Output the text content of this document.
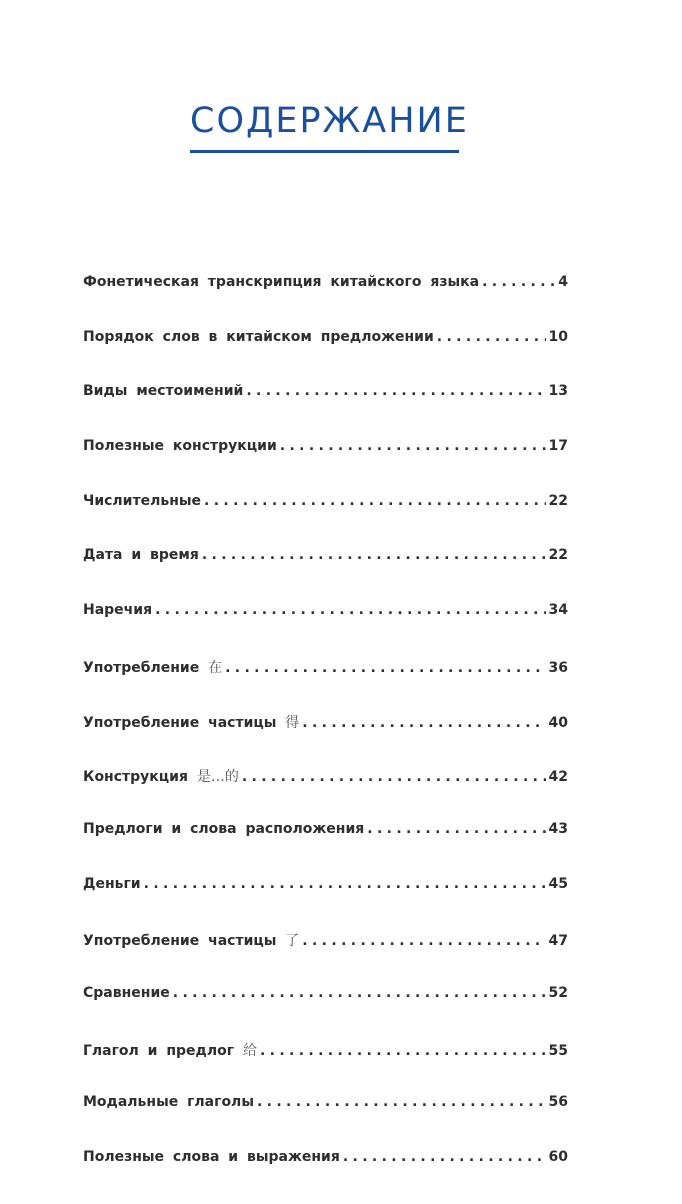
СОДЕРЖАНИЕ
Фонетическая транскрипция китайского языка . . .	4
Порядок слов в китайском предложении . . .	10
Виды местоимений . . .	13
Полезные конструкции . . .	17
Числительные . . .	22
Дата и время . . .	22
Наречия . . .	34
Употребление 在 . . .	36
Употребление частицы 得 . . .	40
Конструкция 是…的 . . .	42
Предлоги и слова расположения . . .	43
Деньги . . .	45
Употребление частицы 了 . . .	47
Сравнение . . .	52
Глагол и предлог 给 . . .	55
Модальные глаголы . . .	56
Полезные слова и выражения . . .	60
